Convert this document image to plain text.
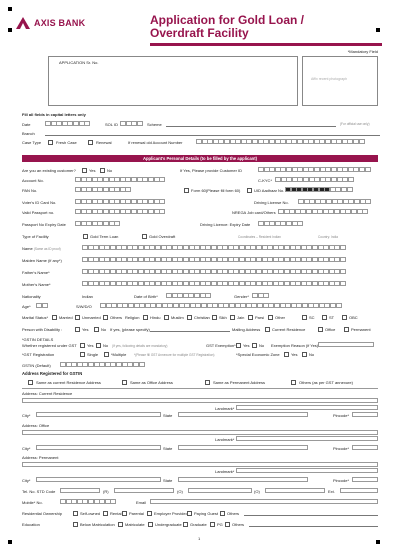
AXIS BANK	Application for Gold Loan /
Overdraft Facility
*Mandatory Field
APPLICATION Sr. No.
Affix recent photograph
Fill all fields in capital letters only
Date	SOL ID	Scheme	(For official use only)
Branch
Case Type	Fresh Case	Renewal	If renewal old Account Number
Applicant's Personal Details (to be filled by the applicant)
Are you an existing customer?	Yes	No	If Yes, Please provide Customer ID
Account No.	C-KYC*
PAN No.	Form 60(Please fill form 60)	UID Aadhaar No.
Voter's ID Card No.	Driving License No.
Valid Passport no.	NREGA Job card/Others
Passport No Expiry Date	Driving Licence: Expiry Date
Type of Facility	Gold Term Loan	Gold Overdraft	Coordinates – Resident Indian	Country: India
Name (Same as ID proof)
Maiden Name (if any*)
Father's Name*
Mother's Name*
Nationality	Indian	Date of Birth*	Gender*
Age*	S/W/D/O
Marital Status*	Married Unmarried Others Religion	Hindu	Muslim	Christian Sikh	Jain	Parsi	Other	SC	ST	OBC
Person with Disability :	Yes	No If yes, (please specify)	Mailing Address	Current Residence	Office	Permanent
*GSTIN DETAILS
Whether registered under GST	Yes No (If yes, following details are mandatory)	GST Exemption* Yes No Exemption Reason (if Yes)
*GST Registration	Single	*Multiple *(Please fill GST Annexure for multiple GST Registration)	*Special Economic Zone	Yes	No
GSTIN (Default)
Address Registered for GSTIN
Same as current Residence Address	Same as Office Address	Same as Permanent Address	Others (as per GST annexure)
Address: Current Residence
Landmark*
City*	State	Pincode*
Address: Office
Landmark*
City*	State	Pincode*
Address: Permanent
Landmark*
City*	State	Pincode*
Tel. No. STD Code	(R)	(O)	(O)	Ext.
Mobile* No.	Email
Residential Ownership	Self-owned Rental Parental	Employer Provided Paying Guest Others
Education	Below Matriculation	Matriculate	Undergraduate Graduate	PG Others
1
